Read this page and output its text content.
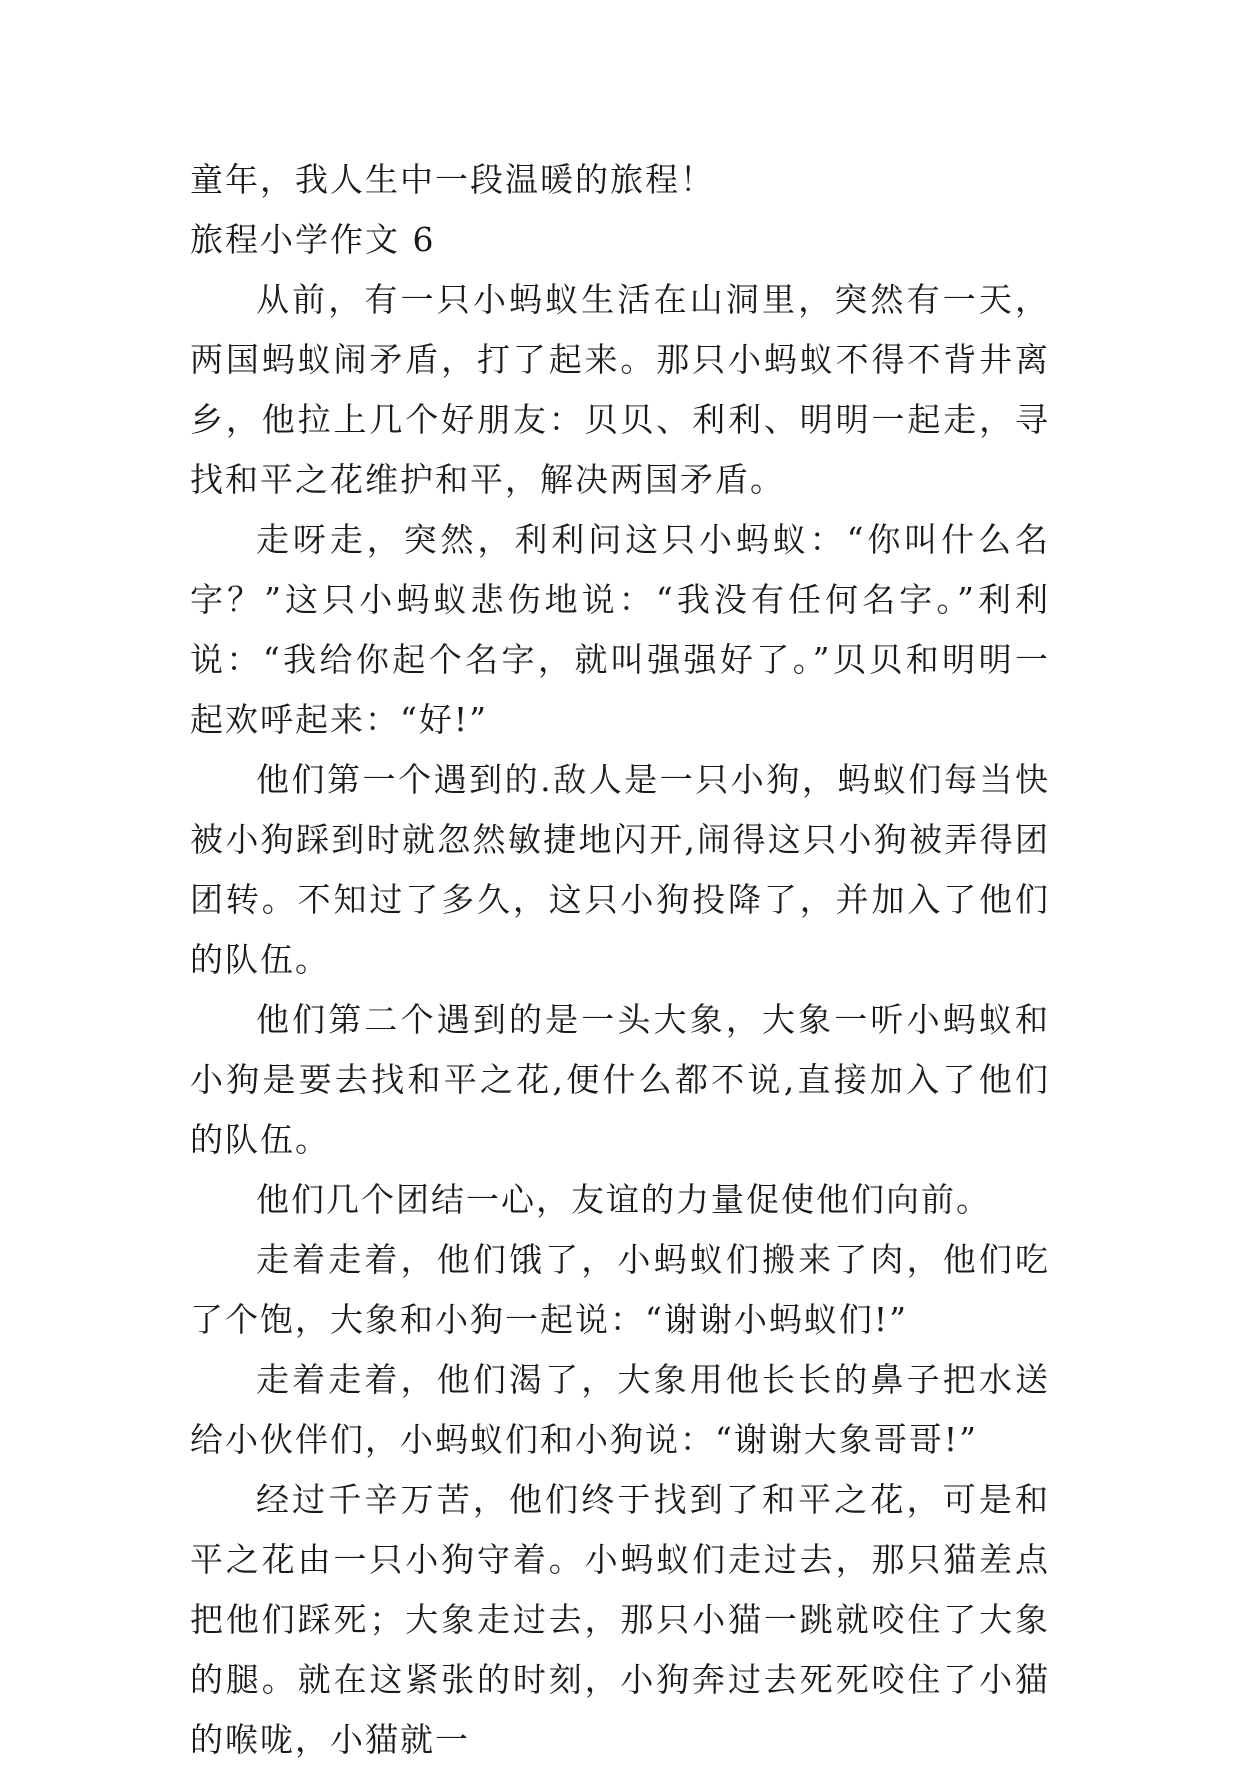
童年，我人生中一段温暖的旅程！

旅程小学作文 6

从前，有一只小蚂蚁生活在山洞里，突然有一天，两国蚂蚁闹矛盾，打了起来。那只小蚂蚁不得不背井离乡，他拉上几个好朋友：贝贝、利利、明明一起走，寻找和平之花维护和平，解决两国矛盾。

走呀走，突然，利利问这只小蚂蚁：“你叫什么名字？”这只小蚂蚁悲伤地说：“我没有任何名字。”利利说：“我给你起个名字，就叫强强好了。”贝贝和明明一起欢呼起来：“好!”

他们第一个遇到的.敌人是一只小狗，蚂蚁们每当快被小狗踩到时就忽然敏捷地闪开,闹得这只小狗被弄得团团转。不知过了多久，这只小狗投降了，并加入了他们的队伍。

他们第二个遇到的是一头大象，大象一听小蚂蚁和小狗是要去找和平之花,便什么都不说,直接加入了他们的队伍。

他们几个团结一心，友谊的力量促使他们向前。

走着走着，他们饿了，小蚂蚁们搬来了肉，他们吃了个饱，大象和小狗一起说：“谢谢小蚂蚁们!”

走着走着，他们渴了，大象用他长长的鼻子把水送给小伙伴们，小蚂蚁们和小狗说：“谢谢大象哥哥!”

经过千辛万苦，他们终于找到了和平之花，可是和平之花由一只小狗守着。小蚂蚁们走过去，那只猫差点把他们踩死；大象走过去，那只小猫一跳就咬住了大象的腿。就在这紧张的时刻，小狗奔过去死死咬住了小猫的喉咙，小猫就一
